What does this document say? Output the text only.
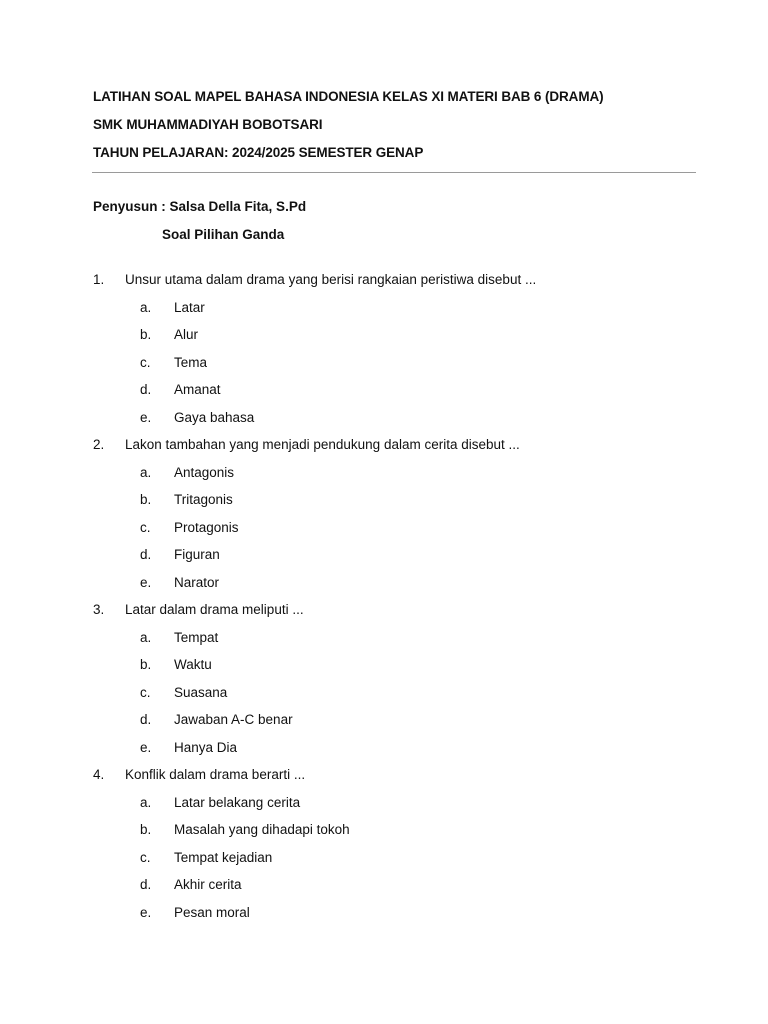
LATIHAN SOAL MAPEL BAHASA INDONESIA KELAS XI MATERI BAB 6 (DRAMA)
SMK MUHAMMADIYAH BOBOTSARI
TAHUN PELAJARAN: 2024/2025 SEMESTER GENAP
Penyusun : Salsa Della Fita, S.Pd
Soal Pilihan Ganda
1. Unsur utama dalam drama yang berisi rangkaian peristiwa disebut ...
a. Latar
b. Alur
c. Tema
d. Amanat
e. Gaya bahasa
2. Lakon tambahan yang menjadi pendukung dalam cerita disebut ...
a. Antagonis
b. Tritagonis
c. Protagonis
d. Figuran
e. Narator
3. Latar dalam drama meliputi ...
a. Tempat
b. Waktu
c. Suasana
d. Jawaban A-C benar
e. Hanya Dia
4. Konflik dalam drama berarti ...
a. Latar belakang cerita
b. Masalah yang dihadapi tokoh
c. Tempat kejadian
d. Akhir cerita
e. Pesan moral
